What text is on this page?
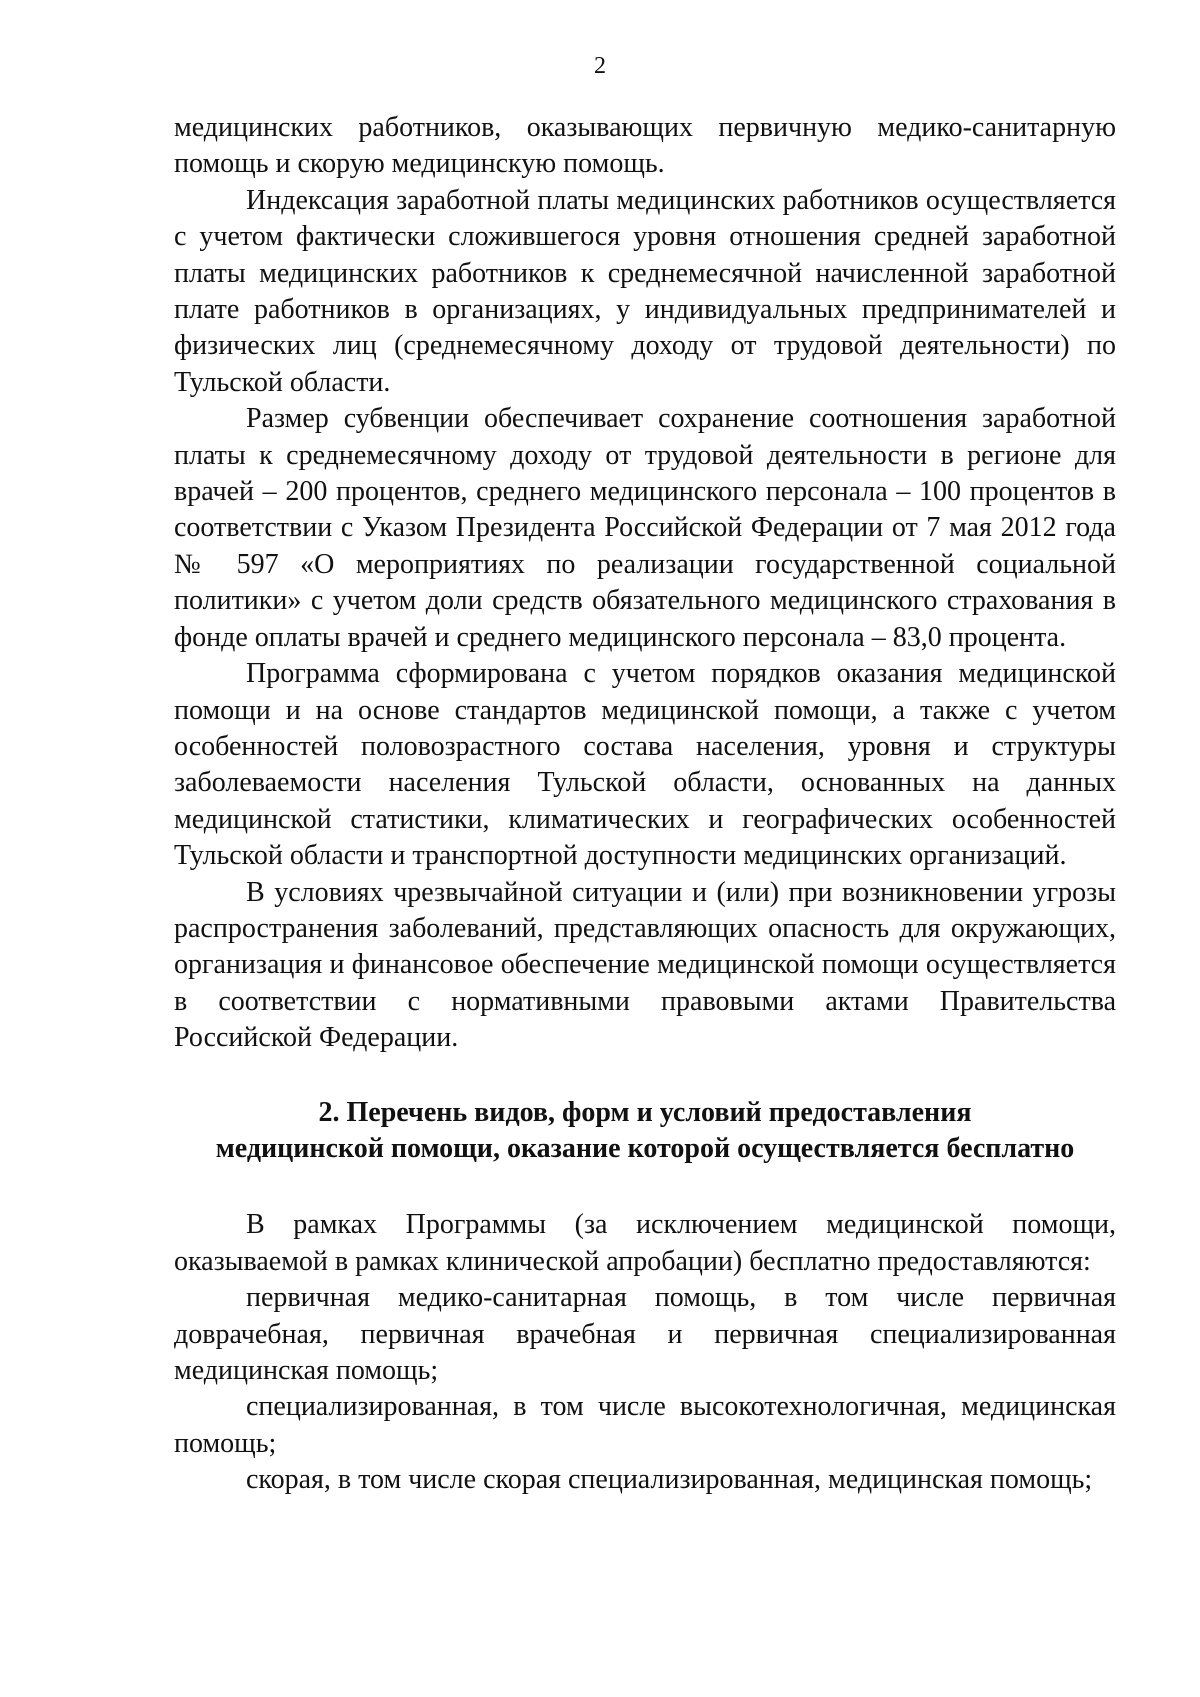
2

медицинских работников, оказывающих первичную медико-санитарную помощь и скорую медицинскую помощь.

Индексация заработной платы медицинских работников осуществляется с учетом фактически сложившегося уровня отношения средней заработной платы медицинских работников к среднемесячной начисленной заработной плате работников в организациях, у индивидуальных предпринимателей и физических лиц (среднемесячному доходу от трудовой деятельности) по Тульской области.

Размер субвенции обеспечивает сохранение соотношения заработной платы к среднемесячному доходу от трудовой деятельности в регионе для врачей – 200 процентов, среднего медицинского персонала – 100 процентов в соответствии с Указом Президента Российской Федерации от 7 мая 2012 года № 597 «О мероприятиях по реализации государственной социальной политики» с учетом доли средств обязательного медицинского страхования в фонде оплаты врачей и среднего медицинского персонала – 83,0 процента.

Программа сформирована с учетом порядков оказания медицинской помощи и на основе стандартов медицинской помощи, а также с учетом особенностей половозрастного состава населения, уровня и структуры заболеваемости населения Тульской области, основанных на данных медицинской статистики, климатических и географических особенностей Тульской области и транспортной доступности медицинских организаций.

В условиях чрезвычайной ситуации и (или) при возникновении угрозы распространения заболеваний, представляющих опасность для окружающих, организация и финансовое обеспечение медицинской помощи осуществляется в соответствии с нормативными правовыми актами Правительства Российской Федерации.

2. Перечень видов, форм и условий предоставления
медицинской помощи, оказание которой осуществляется бесплатно

В рамках Программы (за исключением медицинской помощи, оказываемой в рамках клинической апробации) бесплатно предоставляются:

первичная медико-санитарная помощь, в том числе первичная доврачебная, первичная врачебная и первичная специализированная медицинская помощь;

специализированная, в том числе высокотехнологичная, медицинская помощь;

скорая, в том числе скорая специализированная, медицинская помощь;
